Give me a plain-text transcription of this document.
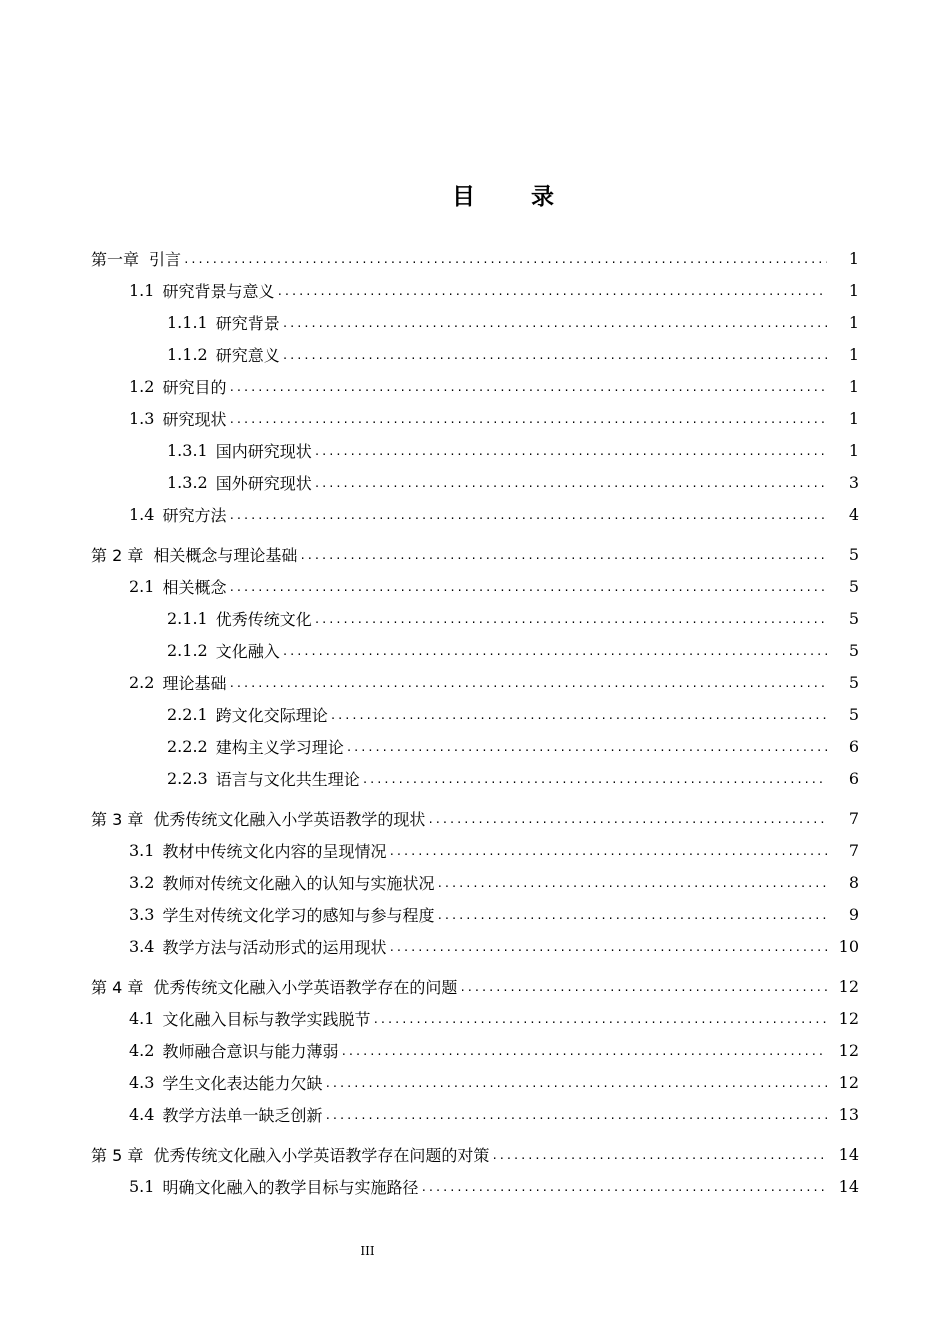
目 录
第一章 引言 .....	1
1.1 研究背景与意义 .....	1
1.1.1 研究背景 .....	1
1.1.2 研究意义 .....	1
1.2 研究目的 .....	1
1.3 研究现状 .....	1
1.3.1 国内研究现状 .....	1
1.3.2 国外研究现状 .....	3
1.4 研究方法 .....	4
第 2 章 相关概念与理论基础 .....	5
2.1 相关概念 .....	5
2.1.1 优秀传统文化 .....	5
2.1.2 文化融入 .....	5
2.2 理论基础 .....	5
2.2.1 跨文化交际理论 .....	5
2.2.2 建构主义学习理论 .....	6
2.2.3 语言与文化共生理论 .....	6
第 3 章 优秀传统文化融入小学英语教学的现状 .....	7
3.1 教材中传统文化内容的呈现情况 .....	7
3.2 教师对传统文化融入的认知与实施状况 .....	8
3.3 学生对传统文化学习的感知与参与程度 .....	9
3.4 教学方法与活动形式的运用现状 .....	10
第 4 章 优秀传统文化融入小学英语教学存在的问题 .....	12
4.1 文化融入目标与教学实践脱节 .....	12
4.2 教师融合意识与能力薄弱 .....	12
4.3 学生文化表达能力欠缺 .....	12
4.4 教学方法单一缺乏创新 .....	13
第 5 章 优秀传统文化融入小学英语教学存在问题的对策 .....	14
5.1 明确文化融入的教学目标与实施路径 .....	14
III
